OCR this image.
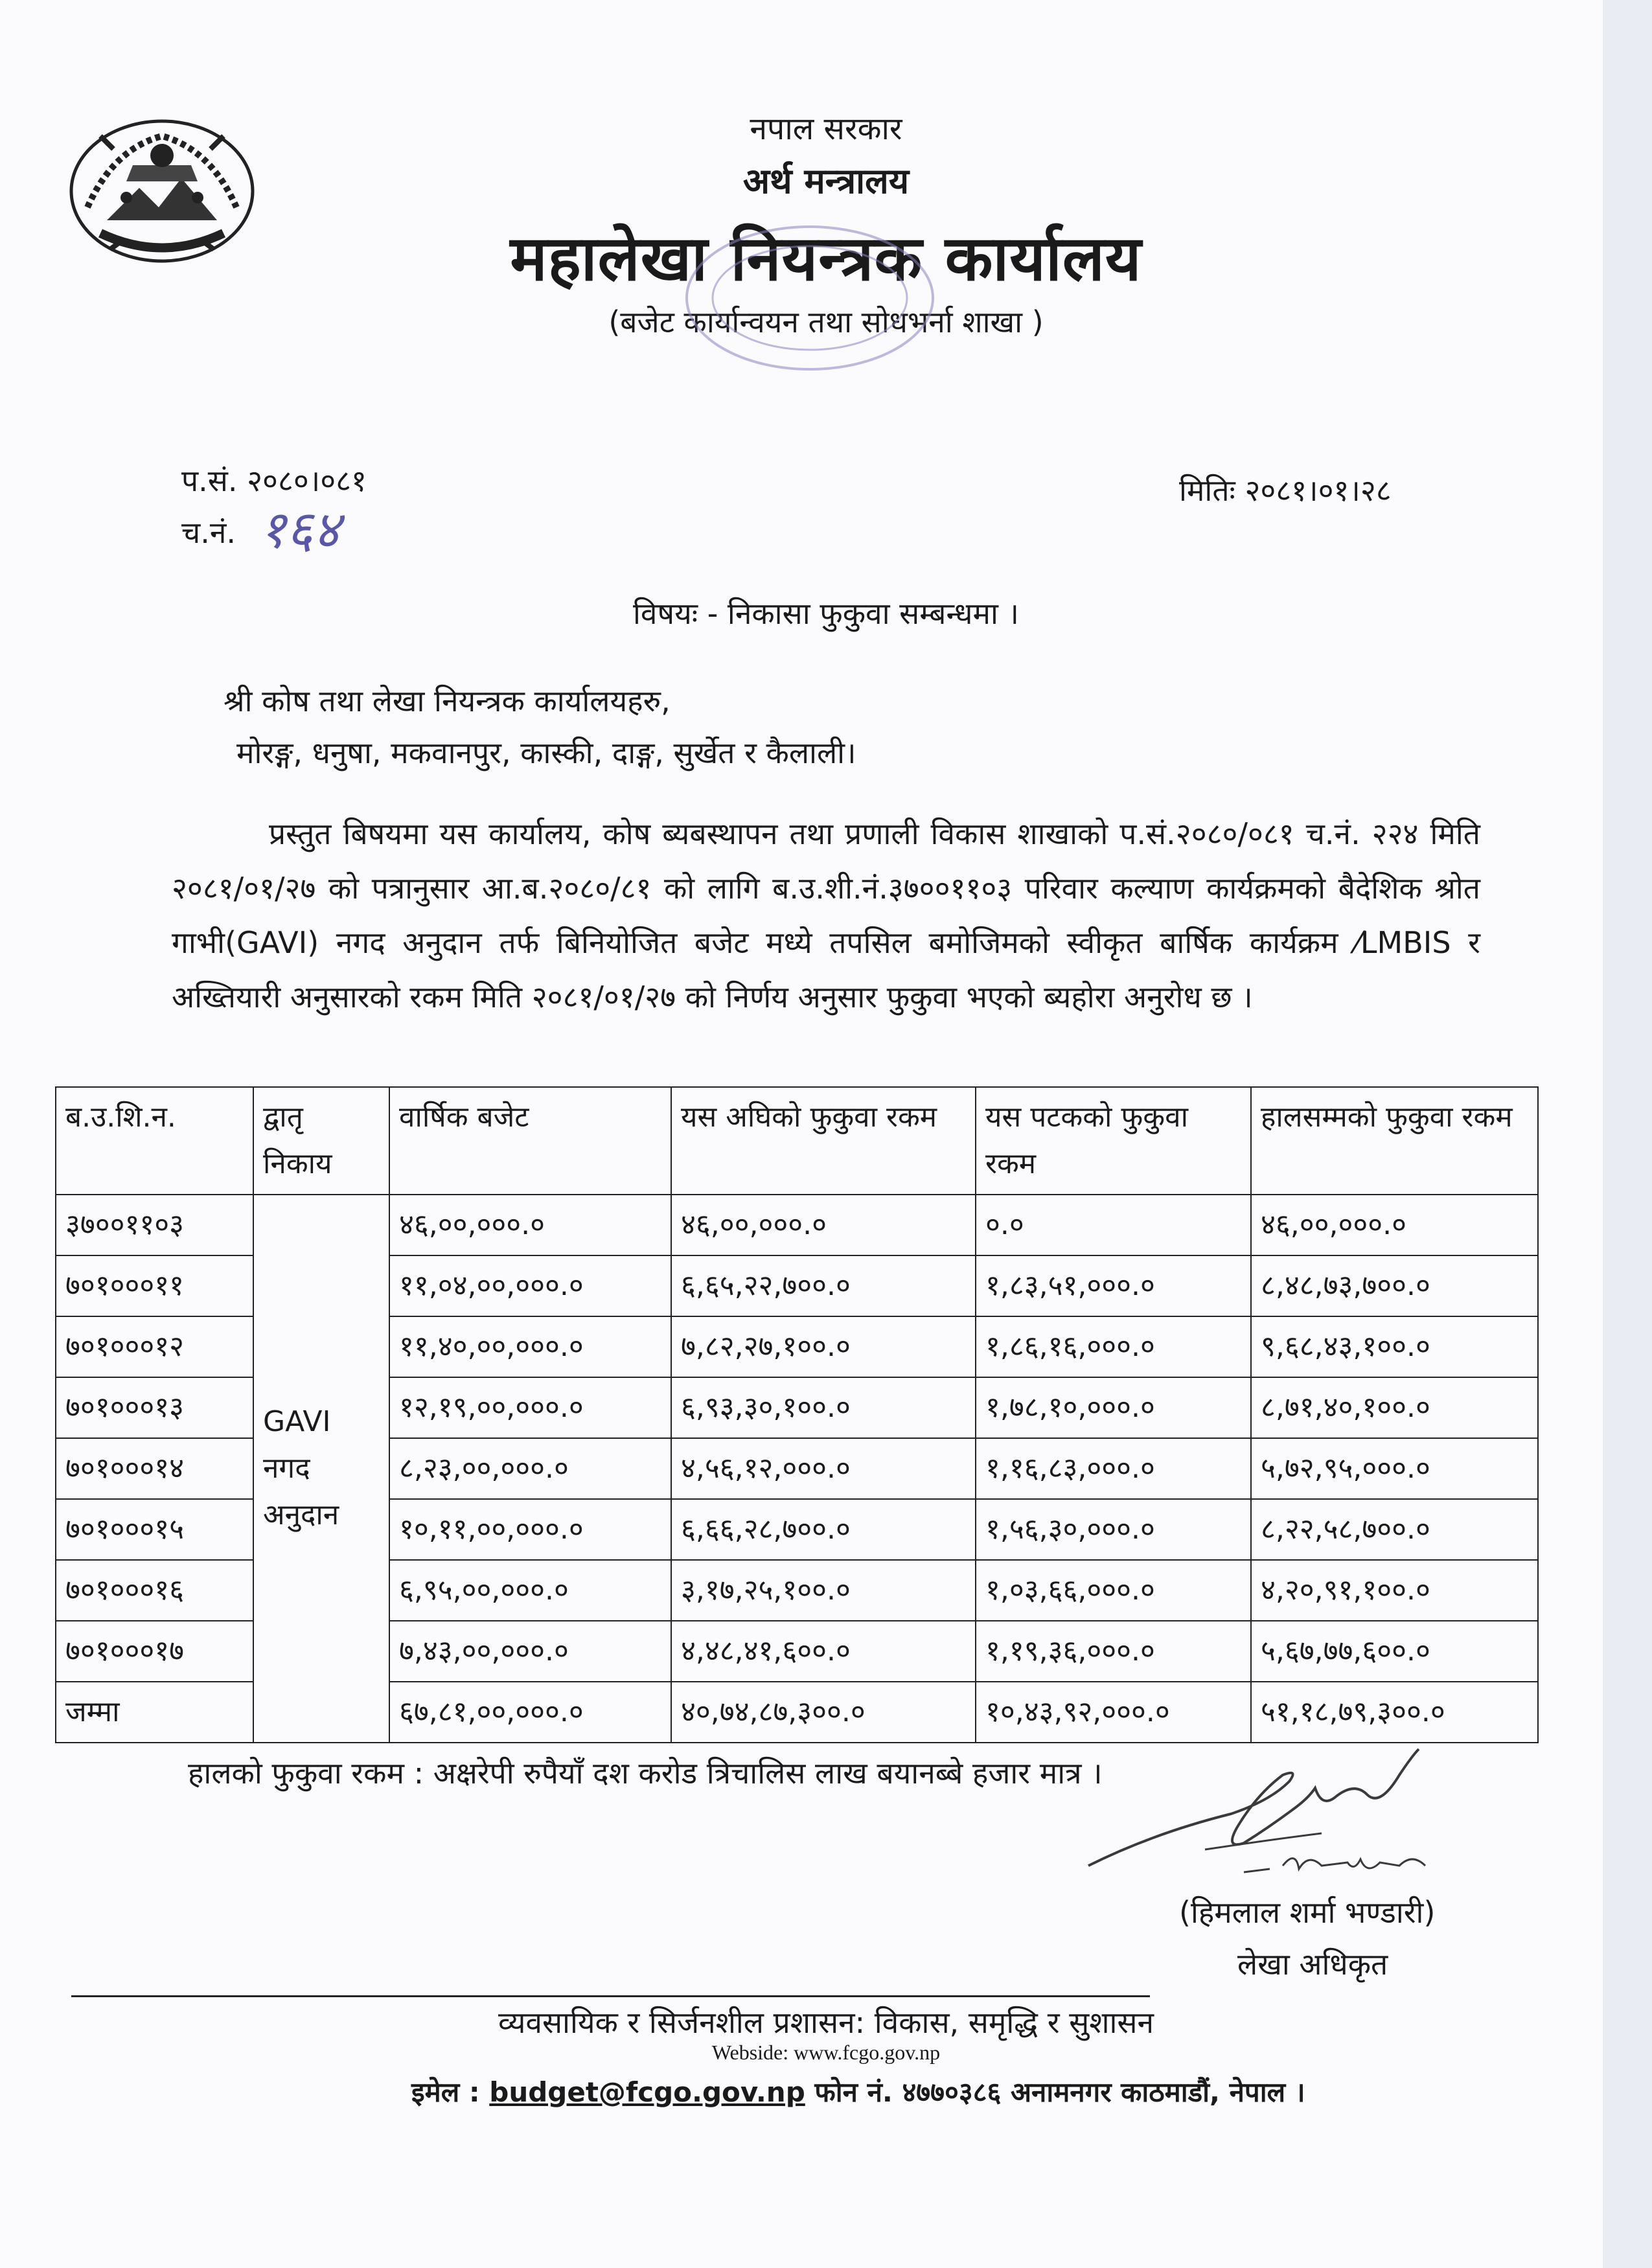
नपाल सरकार
अर्थ मन्त्रालय
महालेखा नियन्त्रक कार्यालय
(बजेट कार्यान्वयन तथा सोधभर्ना शाखा )
प.सं. २०८०।०८१
च.नं. १६४
मितिः २०८१।०१।२८
विषयः - निकासा फुकुवा सम्बन्धमा ।
श्री कोष तथा लेखा नियन्त्रक कार्यालयहरु,
मोरङ्ग, धनुषा, मकवानपुर, कास्की, दाङ्ग, सुर्खेत र कैलाली।

प्रस्तुत बिषयमा यस कार्यालय, कोष ब्यबस्थापन तथा प्रणाली विकास शाखाको प.सं.२०८०/०८१ च.नं. २२४ मिति २०८१/०१/२७ को पत्रानुसार आ.ब.२०८०/८१ को लागि ब.उ.शी.नं.३७००११०३ परिवार कल्याण कार्यक्रमको बैदेशिक श्रोत गाभी(GAVI) नगद अनुदान तर्फ बिनियोजित बजेट मध्ये तपसिल बमोजिमको स्वीकृत बार्षिक कार्यक्रम ⁄LMBIS र अख्तियारी अनुसारको रकम मिति २०८१/०१/२७ को निर्णय अनुसार फुकुवा भएको ब्यहोरा अनुरोध छ ।

ब.उ.शि.न.	द्वातृ निकाय	वार्षिक बजेट	यस अघिको फुकुवा रकम	यस पटकको फुकुवा रकम	हालसम्मको फुकुवा रकम
३७००११०३	GAVI नगद अनुदान	४६,००,०००.०	४६,००,०००.०	०.०	४६,००,०००.०
७०१०००११		११,०४,००,०००.०	६,६५,२२,७००.०	१,८३,५१,०००.०	८,४८,७३,७००.०
७०१०००१२		११,४०,००,०००.०	७,८२,२७,१००.०	१,८६,१६,०००.०	९,६८,४३,१००.०
७०१०००१३		१२,१९,००,०००.०	६,९३,३०,१००.०	१,७८,१०,०००.०	८,७१,४०,१००.०
७०१०००१४		८,२३,००,०००.०	४,५६,१२,०००.०	१,१६,८३,०००.०	५,७२,९५,०००.०
७०१०००१५		१०,११,००,०००.०	६,६६,२८,७००.०	१,५६,३०,०००.०	८,२२,५८,७००.०
७०१०००१६		६,९५,००,०००.०	३,१७,२५,१००.०	१,०३,६६,०००.०	४,२०,९१,१००.०
७०१०००१७		७,४३,००,०००.०	४,४८,४१,६००.०	१,१९,३६,०००.०	५,६७,७७,६००.०
जम्मा		६७,८१,००,०००.०	४०,७४,८७,३००.०	१०,४३,९२,०००.०	५१,१८,७९,३००.०
हालको फुकुवा रकम : अक्षरेपी रुपैयाँ दश करोड त्रिचालिस लाख बयानब्बे हजार मात्र ।
(हिमलाल शर्मा भण्डारी)
लेखा अधिकृत
व्यवसायिक र सिर्जनशील प्रशासन: विकास, समृद्धि र सुशासन
Webside: www.fcgo.gov.np
इमेल : budget@fcgo.gov.np फोन नं. ४७७०३८६ अनामनगर काठमाडौं, नेपाल ।
